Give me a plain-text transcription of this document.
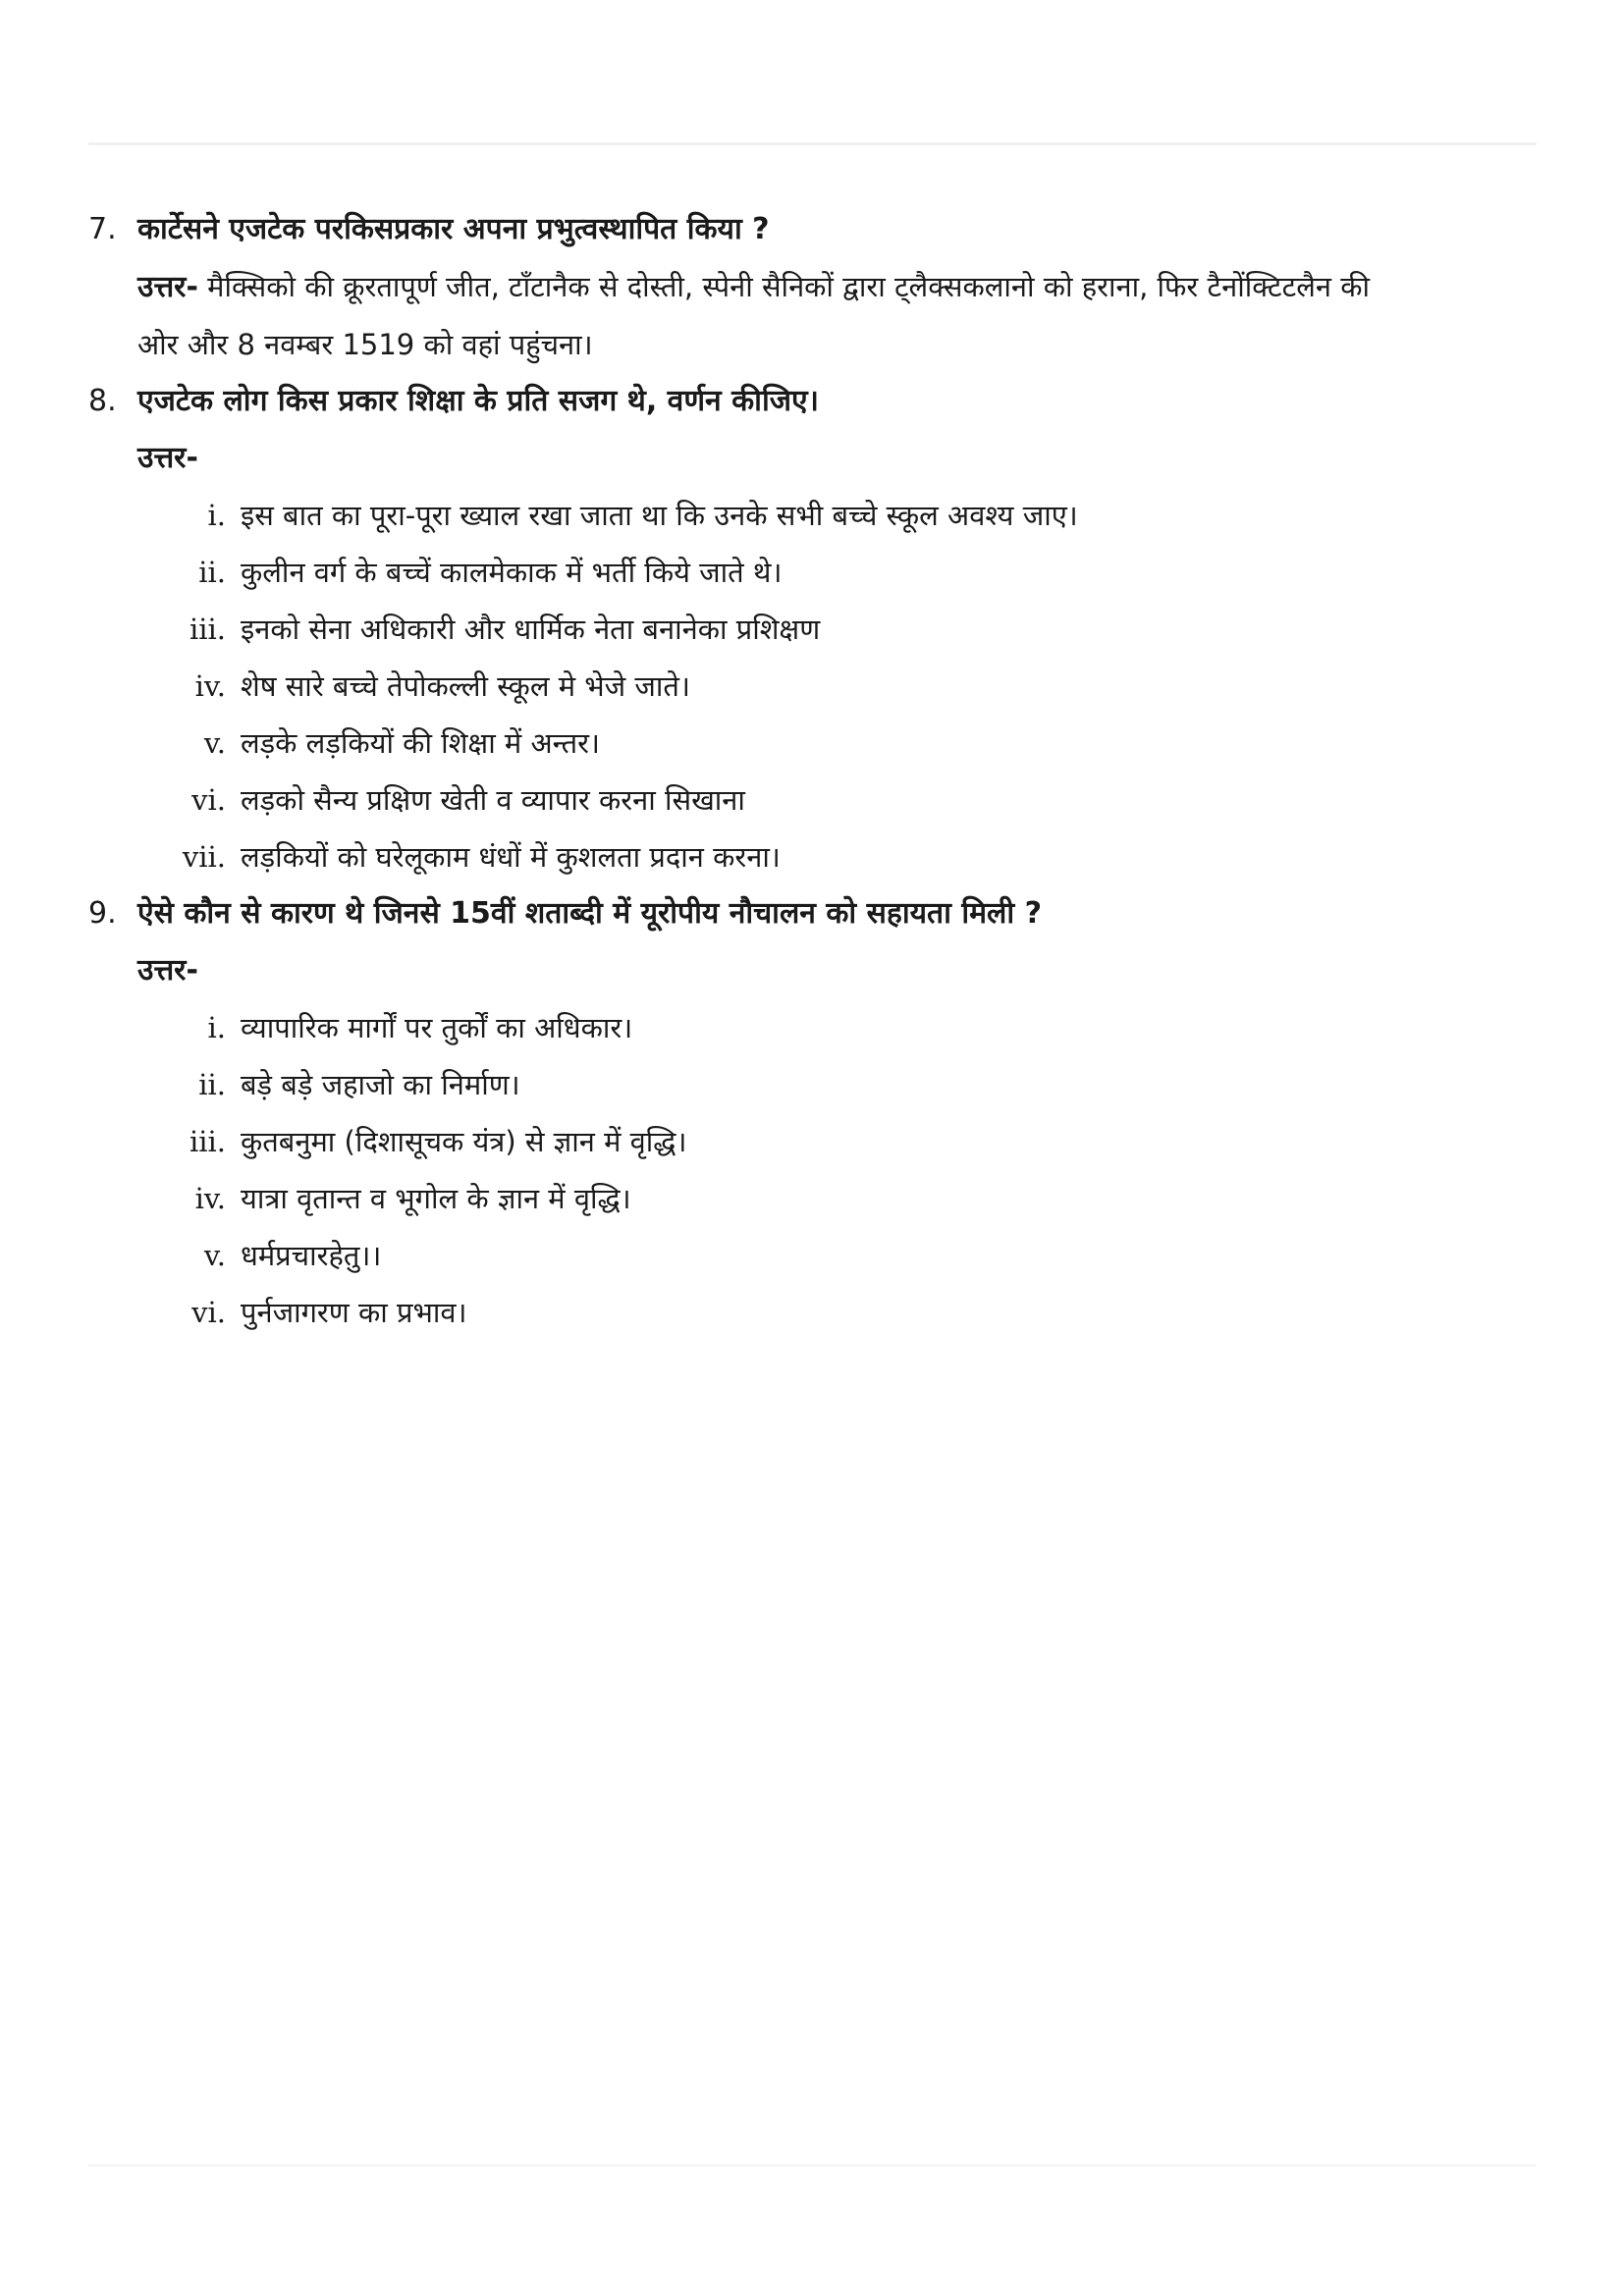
7. कार्टेसने एजटेक परकिसप्रकार अपना प्रभुत्वस्थापित किया ?
उत्तर- मैक्सिको की क्रूरतापूर्ण जीत, टाँटानैक से दोस्ती, स्पेनी सैनिकों द्वारा ट्लैक्सकलानो को हराना, फिर टैनोंक्टिटलैन की
ओर और 8 नवम्बर 1519 को वहां पहुंचना।
8. एजटेक लोग किस प्रकार शिक्षा के प्रति सजग थे, वर्णन कीजिए।
उत्तर-
i. इस बात का पूरा-पूरा ख्याल रखा जाता था कि उनके सभी बच्चे स्कूल अवश्य जाए।
ii. कुलीन वर्ग के बच्चें कालमेकाक में भर्ती किये जाते थे।
iii. इनको सेना अधिकारी और धार्मिक नेता बनानेका प्रशिक्षण
iv. शेष सारे बच्चे तेपोकल्ली स्कूल मे भेजे जाते।
v. लड़के लड़कियों की शिक्षा में अन्तर।
vi. लड़को सैन्य प्रक्षिण खेती व व्यापार करना सिखाना
vii. लड़कियों को घरेलूकाम धंधों में कुशलता प्रदान करना।
9. ऐसे कौन से कारण थे जिनसे 15वीं शताब्दी में यूरोपीय नौचालन को सहायता मिली ?
उत्तर-
i. व्यापारिक मार्गों पर तुर्कों का अधिकार।
ii. बड़े बड़े जहाजो का निर्माण।
iii. कुतबनुमा (दिशासूचक यंत्र) से ज्ञान में वृद्धि।
iv. यात्रा वृतान्त व भूगोल के ज्ञान में वृद्धि।
v. धर्मप्रचारहेतु।।
vi. पुर्नजागरण का प्रभाव।
